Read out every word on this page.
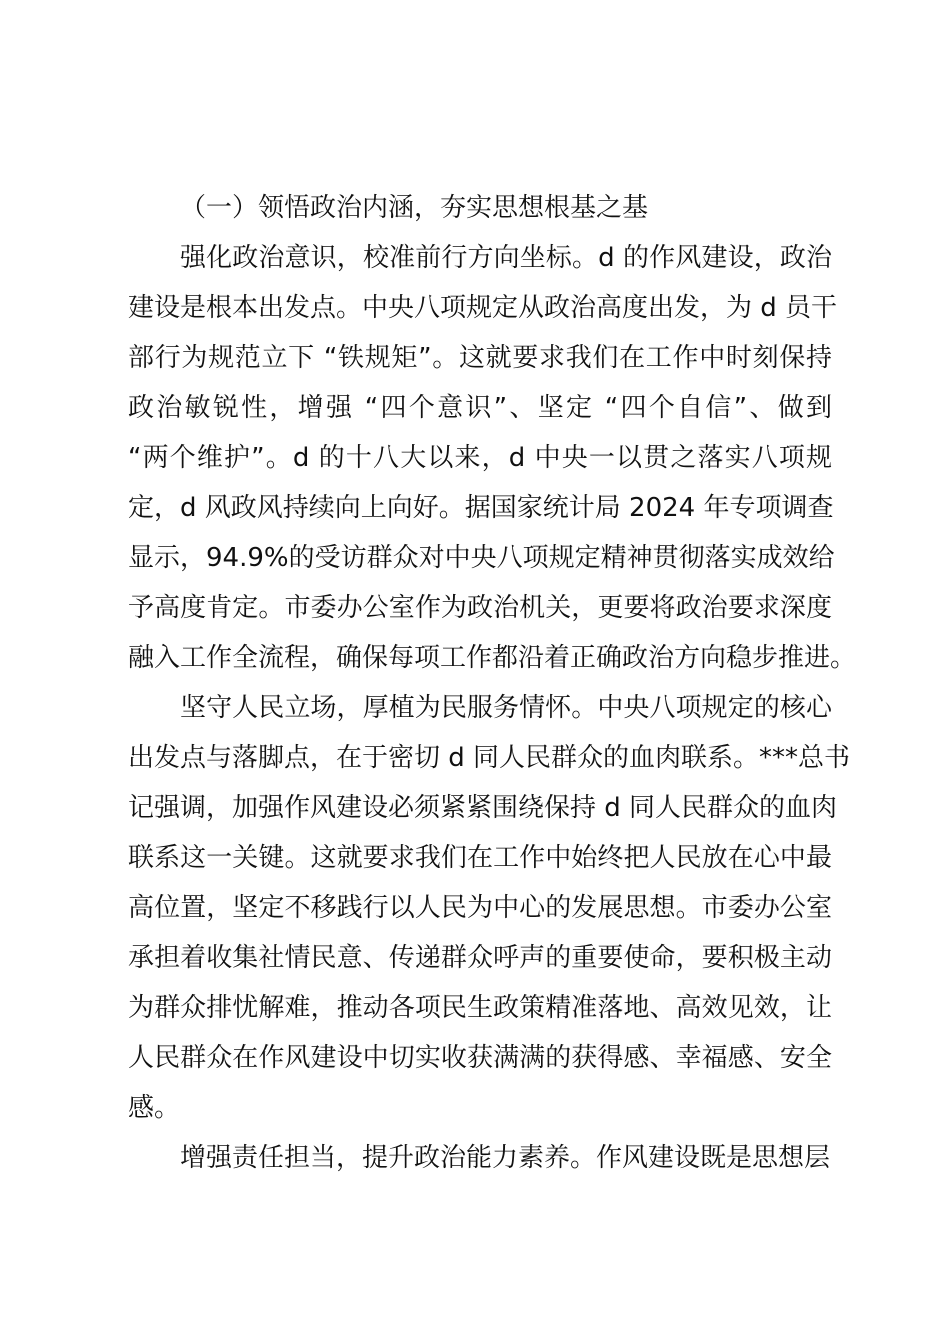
（一）领悟政治内涵，夯实思想根基之基
强化政治意识，校准前行方向坐标。d 的作风建设，政治
建设是根本出发点。中央八项规定从政治高度出发，为 d 员干
部行为规范立下 “铁规矩”。这就要求我们在工作中时刻保持
政治敏锐性，增强 “四个意识”、坚定 “四个自信”、做到
“两个维护”。d 的十八大以来，d 中央一以贯之落实八项规
定，d 风政风持续向上向好。据国家统计局 2024 年专项调查
显示，94.9%的受访群众对中央八项规定精神贯彻落实成效给
予高度肯定。市委办公室作为政治机关，更要将政治要求深度
融入工作全流程，确保每项工作都沿着正确政治方向稳步推进。
坚守人民立场，厚植为民服务情怀。中央八项规定的核心
出发点与落脚点，在于密切 d 同人民群众的血肉联系。***总书
记强调，加强作风建设必须紧紧围绕保持 d 同人民群众的血肉
联系这一关键。这就要求我们在工作中始终把人民放在心中最
高位置，坚定不移践行以人民为中心的发展思想。市委办公室
承担着收集社情民意、传递群众呼声的重要使命，要积极主动
为群众排忧解难，推动各项民生政策精准落地、高效见效，让
人民群众在作风建设中切实收获满满的获得感、幸福感、安全
感。
增强责任担当，提升政治能力素养。作风建设既是思想层
